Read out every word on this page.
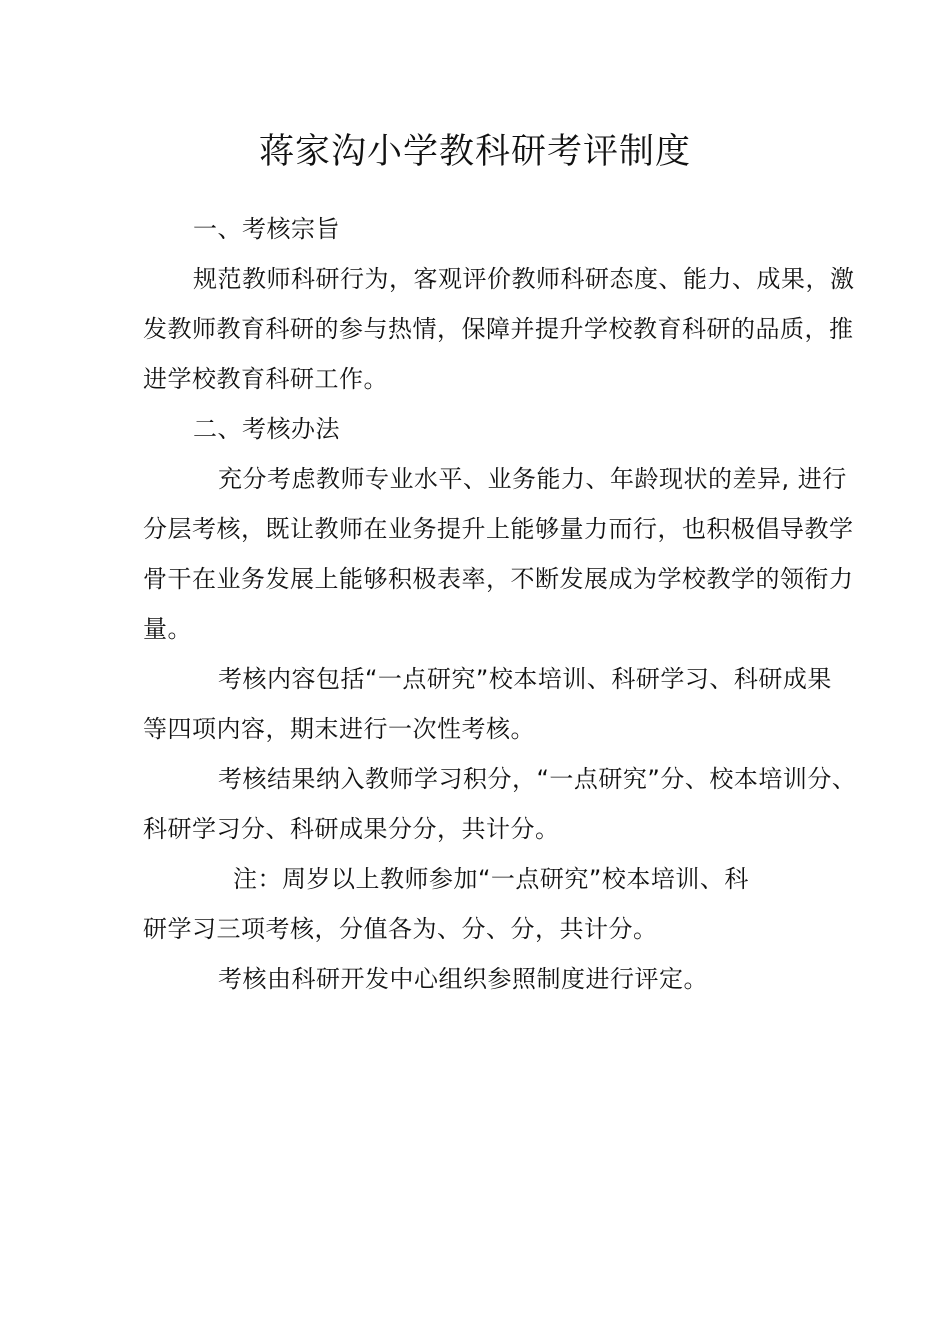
蒋家沟小学教科研考评制度
一、考核宗旨
规范教师科研行为，客观评价教师科研态度、能力、成果，激
发教师教育科研的参与热情，保障并提升学校教育科研的品质，推
进学校教育科研工作。
二、考核办法
充分考虑教师专业水平、业务能力、年龄现状的差异, 进行
分层考核，既让教师在业务提升上能够量力而行，也积极倡导教学
骨干在业务发展上能够积极表率，不断发展成为学校教学的领衔力
量。
考核内容包括“一点研究”校本培训、科研学习、科研成果
等四项内容，期末进行一次性考核。
考核结果纳入教师学习积分，“一点研究”分、校本培训分、
科研学习分、科研成果分分，共计分。
注：周岁以上教师参加“一点研究”校本培训、科
研学习三项考核，分值各为、分、分，共计分。
考核由科研开发中心组织参照制度进行评定。
